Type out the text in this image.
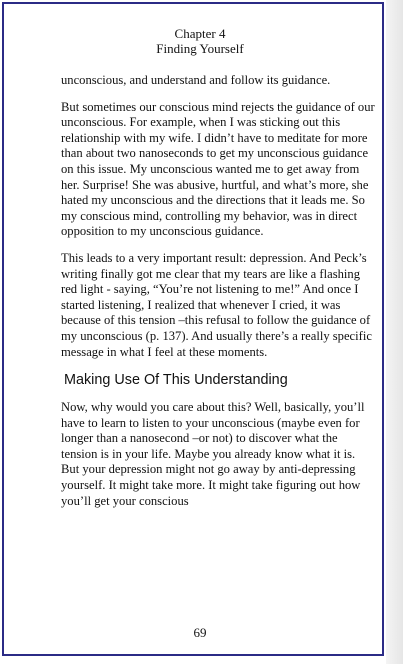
Chapter 4
Finding Yourself

unconscious, and understand and follow its guidance.

But sometimes our conscious mind rejects the guidance of our unconscious. For example, when I was sticking out this relationship with my wife. I didn’t have to meditate for more than about two nanoseconds to get my unconscious guidance on this issue. My unconscious wanted me to get away from her. Surprise! She was abusive, hurtful, and what’s more, she hated my unconscious and the directions that it leads me. So my conscious mind, controlling my behavior, was in direct opposition to my unconscious guidance.

This leads to a very important result: depression. And Peck’s writing finally got me clear that my tears are like a flashing red light - saying, “You’re not listening to me!” And once I started listening, I realized that whenever I cried, it was because of this tension –this refusal to follow the guidance of my unconscious (p. 137). And usually there’s a really specific message in what I feel at these moments.

Making Use Of This Understanding

Now, why would you care about this? Well, basically, you’ll have to learn to listen to your unconscious (maybe even for longer than a nanosecond –or not) to discover what the tension is in your life. Maybe you already know what it is. But your depression might not go away by anti-depressing yourself. It might take more. It might take figuring out how you’ll get your conscious

69
